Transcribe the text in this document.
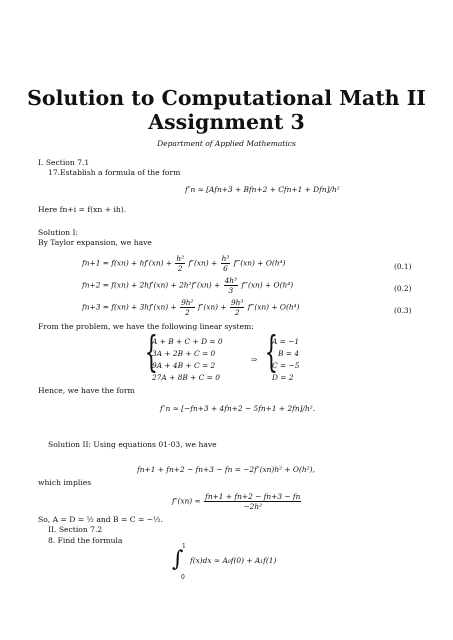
Solution to Computational Math II
Assignment 3
Department of Applied Mathematics
I. Section 7.1
17.Establish a formula of the form
f″n ≈ [Afn+3 + Bfn+2 + Cfn+1 + Dfn]/h²
Here fn+i = f(xn + ih).
Solution I:
By Taylor expansion, we have
$fn+1 = f(xn) + hf'(xn) + \frac{\text{h²}}{2} f''(xn) + \frac{\text{h³}}{6}$ f‴(xn) + O(h⁴)	(0.1)
$fn+2 = f(xn) + 2hf'(xn) + 2h^2f''(xn) + \frac{\text{4h³}}{3}$ f‴(xn) + O(h⁴)	(0.2)
$fn+3 = f(xn) + 3hf'(xn) + \frac{\text{9h²}}{2} f''(xn) + \frac{\text{9h³}}{2}$ f‴(xn) + O(h⁴)	(0.3)
From the problem, we have the following linear system:
{
A + B + C + D = 0
3A + 2B + C = 0
9A + 4B + C = 2
27A + 8B + C = 0
⇒ {
A = −1
B = 4
C = −5
D = 2
Hence, we have the form
f″n ≈ [−fn+3 + 4fn+2 − 5fn+1 + 2fn]/h².
Solution II: Using equations 01-03, we have
fn+1 + fn+2 − fn+3 − fn = −2f″(xn)h² + O(h²),
which implies
$f''(xn) \approx \frac{fn+1 + fn+2 - fn+3 - fn}{\text{−2h²}}$
So, A = D = ½ and B = C = −½.
II. Section 7.2
8. Find the formula
1
∫
0
f(x)dx ≈ A₀f(0) + A₁f(1)
